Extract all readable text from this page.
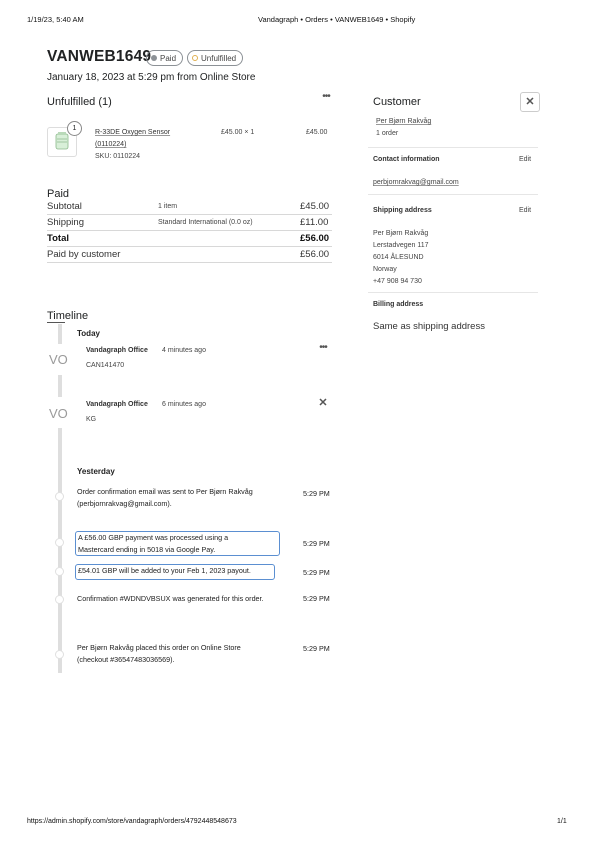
1/19/23, 5:40 AM	Vandagraph • Orders • VANWEB1649 • Shopify
VANWEB1649 Paid	Unfulfilled
January 18, 2023 at 5:29 pm from Online Store
Unfulfilled (1)	•••
1
R-33DE Oxygen Sensor
(0110224)
SKU: 0110224
£45.00 × 1	£45.00
Paid
Subtotal	1 item	£45.00
Shipping	Standard International (0.0 oz)	£11.00
Total	£56.00
Paid by customer	£56.00
Customer	✕
Per Bjørn Rakvåg
1 order
Contact information	Edit
perbjornrakvag@gmail.com
Shipping address	Edit
Per Bjørn Rakvåg
Lerstadvegen 117
6014 ÅLESUND
Norway
+47 908 94 730
Billing address
Same as shipping address
Timeline
Today
VO
Vandagraph Office 4 minutes ago
CAN141470
•••
VO
Vandagraph Office 6 minutes ago
KG
✕
Yesterday
Order confirmation email was sent to Per Bjørn Rakvåg
(perbjornrakvag@gmail.com).
5:29 PM
A £56.00 GBP payment was processed using a
Mastercard ending in 5018 via Google Pay.
5:29 PM
£54.01 GBP will be added to your Feb 1, 2023 payout.	5:29 PM
Confirmation #WDNDVBSUX was generated for this order.	5:29 PM
Per Bjørn Rakvåg placed this order on Online Store
(checkout #36547483036569).
5:29 PM
https://admin.shopify.com/store/vandagraph/orders/4792448548673	1/1
